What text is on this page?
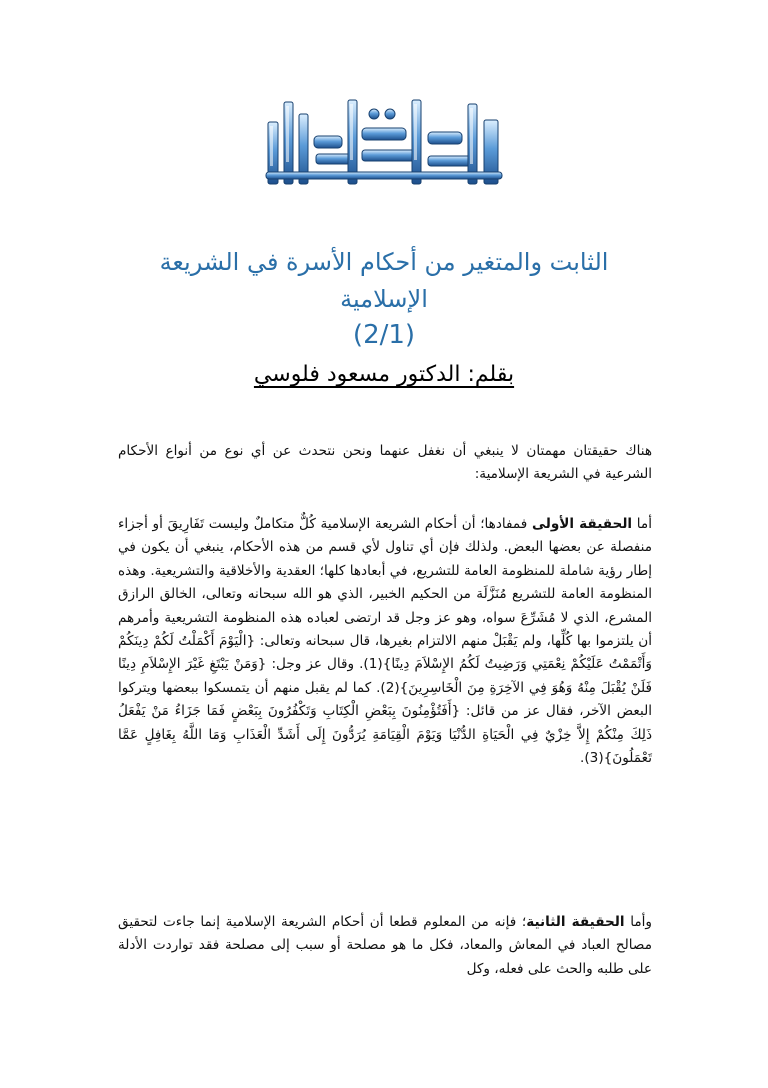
الثابت والمتغير من أحكام الأسرة في الشريعة
الإسلامية
(2/1)
بقلم: الدكتور مسعود فلوسي

هناك حقيقتان مهمتان لا ينبغي أن نغفل عنهما ونحن نتحدث عن أي نوع من أنواع الأحكام الشرعية في الشريعة الإسلامية:

أما الحقيقة الأولى فمفادها؛ أن أحكام الشريعة الإسلامية كُلٌّ متكاملٌ وليست تَفَارِيقَ أو أجزاء منفصلة عن بعضها البعض. ولذلك فإن أي تناول لأي قسم من هذه الأحكام، ينبغي أن يكون في إطار رؤية شاملة للمنظومة العامة للتشريع، في أبعادها كلها؛ العقدية والأخلاقية والتشريعية. وهذه المنظومة العامة للتشريع مُنَزَّلَة من الحكيم الخبير، الذي هو الله سبحانه وتعالى، الخالق الرازق المشرع، الذي لا مُشَرِّعَ سواه، وهو عز وجل قد ارتضى لعباده هذه المنظومة التشريعية وأمرهم أن يلتزموا بها كُلِّها، ولم يَقْبَلْ منهم الالتزام بغيرها، قال سبحانه وتعالى: {الْيَوْمَ أَكْمَلْتُ لَكُمْ دِينَكُمْ وَأَتْمَمْتُ عَلَيْكُمْ نِعْمَتِي وَرَضِيتُ لَكُمُ الإِسْلاَمَ دِينًا}(1). وقال عز وجل: {وَمَنْ يَبْتَغِ غَيْرَ الإِسْلاَمِ دِينًا فَلَنْ يُقْبَلَ مِنْهُ وَهُوَ فِي الآخِرَةِ مِنَ الْخَاسِرِينَ}(2). كما لم يقبل منهم أن يتمسكوا ببعضها ويتركوا البعض الآخر، فقال عز من قائل: {أَفَتُؤْمِنُونَ بِبَعْضِ الْكِتَابِ وَتَكْفُرُونَ بِبَعْضٍ فَمَا جَزَاءُ مَنْ يَفْعَلُ ذَلِكَ مِنْكُمْ إِلاَّ خِزْيٌ فِي الْحَيَاةِ الدُّنْيَا وَيَوْمَ الْقِيَامَةِ يُرَدُّونَ إِلَى أَشَدِّ الْعَذَابِ وَمَا اللَّهُ بِغَافِلٍ عَمَّا تَعْمَلُونَ}(3).

وأما الحقيقة الثانية؛ فإنه من المعلوم قطعا أن أحكام الشريعة الإسلامية إنما جاءت لتحقيق مصالح العباد في المعاش والمعاد، فكل ما هو مصلحة أو سبب إلى مصلحة فقد تواردت الأدلة على طلبه والحث على فعله، وكل
